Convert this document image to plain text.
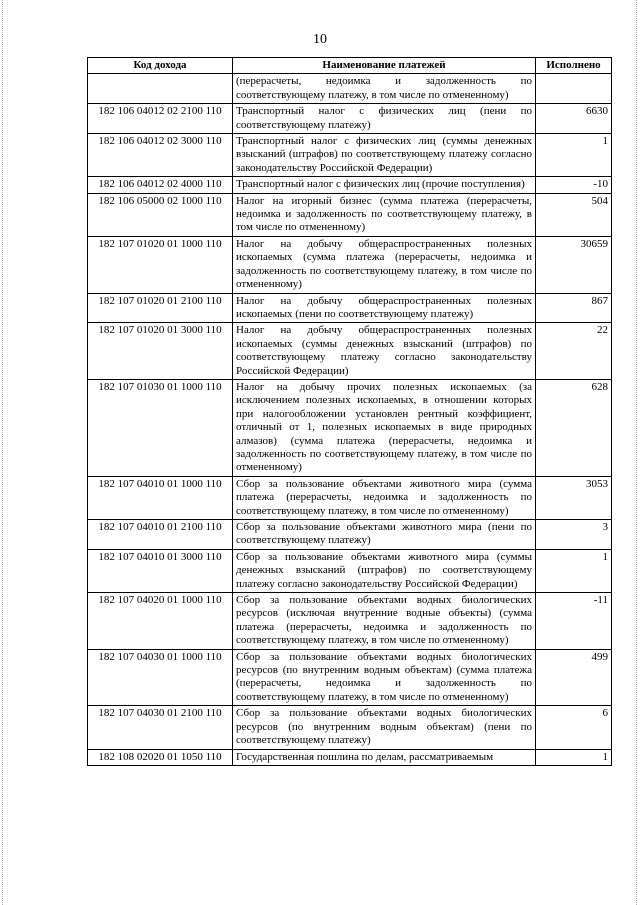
10
Код дохода	Наименование платежей	Исполнено
	(перерасчеты, недоимка и задолженность по соответствующему платежу, в том числе по отмененному)	
182 106 04012 02 2100 110	Транспортный налог с физических лиц (пени по соответствующему платежу)	6630
182 106 04012 02 3000 110	Транспортный налог с физических лиц (суммы денежных взысканий (штрафов) по соответствующему платежу согласно законодательству Российской Федерации)	1
182 106 04012 02 4000 110	Транспортный налог с физических лиц (прочие поступления)	-10
182 106 05000 02 1000 110	Налог на игорный бизнес (сумма платежа (перерасчеты, недоимка и задолженность по соответствующему платежу, в том числе по отмененному)	504
182 107 01020 01 1000 110	Налог на добычу общераспространенных полезных ископаемых (сумма платежа (перерасчеты, недоимка и задолженность по соответствующему платежу, в том числе по отмененному)	30659
182 107 01020 01 2100 110	Налог на добычу общераспространенных полезных ископаемых (пени по соответствующему платежу)	867
182 107 01020 01 3000 110	Налог на добычу общераспространенных полезных ископаемых (суммы денежных взысканий (штрафов) по соответствующему платежу согласно законодательству Российской Федерации)	22
182 107 01030 01 1000 110	Налог на добычу прочих полезных ископаемых (за исключением полезных ископаемых, в отношении которых при налогообложении установлен рентный коэффициент, отличный от 1, полезных ископаемых в виде природных алмазов) (сумма платежа (перерасчеты, недоимка и задолженность по соответствующему платежу, в том числе по отмененному)	628
182 107 04010 01 1000 110	Сбор за пользование объектами животного мира (сумма платежа (перерасчеты, недоимка и задолженность по соответствующему платежу, в том числе по отмененному)	3053
182 107 04010 01 2100 110	Сбор за пользование объектами животного мира (пени по соответствующему платежу)	3
182 107 04010 01 3000 110	Сбор за пользование объектами животного мира (суммы денежных взысканий (штрафов) по соответствующему платежу согласно законодательству Российской Федерации)	1
182 107 04020 01 1000 110	Сбор за пользование объектами водных биологических ресурсов (исключая внутренние водные объекты) (сумма платежа (перерасчеты, недоимка и задолженность по соответствующему платежу, в том числе по отмененному)	-11
182 107 04030 01 1000 110	Сбор за пользование объектами водных биологических ресурсов (по внутренним водным объектам) (сумма платежа (перерасчеты, недоимка и задолженность по соответствующему платежу, в том числе по отмененному)	499
182 107 04030 01 2100 110	Сбор за пользование объектами водных биологических ресурсов (по внутренним водным объектам) (пени по соответствующему платежу)	6
182 108 02020 01 1050 110	Государственная пошлина по делам, рассматриваемым	1
